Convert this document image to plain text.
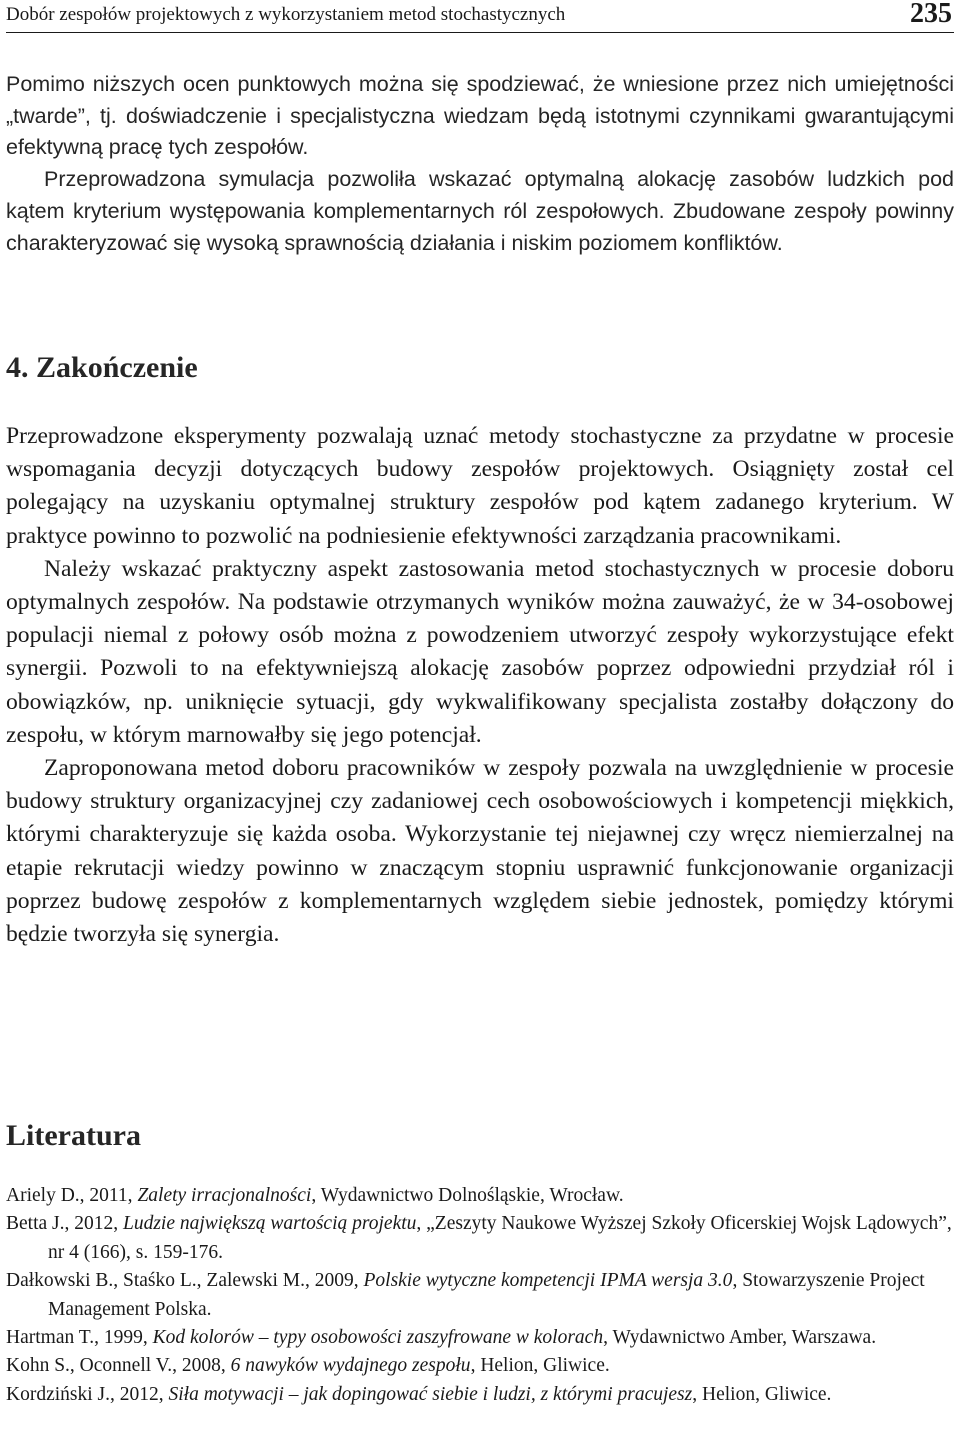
Dobór zespołów projektowych z wykorzystaniem metod stochastycznych	235

Pomimo niższych ocen punktowych można się spodziewać, że wniesione przez nich umiejętności „twarde”, tj. doświadczenie i specjalistyczna wiedzam będą istotnymi czynnikami gwarantującymi efektywną pracę tych zespołów.

Przeprowadzona symulacja pozwoliła wskazać optymalną alokację zasobów ludzkich pod kątem kryterium występowania komplementarnych ról zespołowych. Zbudowane zespoły powinny charakteryzować się wysoką sprawnością działania i niskim poziomem konfliktów.

4. Zakończenie

Przeprowadzone eksperymenty pozwalają uznać metody stochastyczne za przydatne w procesie wspomagania decyzji dotyczących budowy zespołów projektowych. Osiągnięty został cel polegający na uzyskaniu optymalnej struktury zespołów pod kątem zadanego kryterium. W praktyce powinno to pozwolić na podniesienie efektywności zarządzania pracownikami.

Należy wskazać praktyczny aspekt zastosowania metod stochastycznych w procesie doboru optymalnych zespołów. Na podstawie otrzymanych wyników można zauważyć, że w 34-osobowej populacji niemal z połowy osób można z powodzeniem utworzyć zespoły wykorzystujące efekt synergii. Pozwoli to na efektywniejszą alokację zasobów poprzez odpowiedni przydział ról i obowiązków, np. uniknięcie sytuacji, gdy wykwalifikowany specjalista zostałby dołączony do zespołu, w którym marnowałby się jego potencjał.

Zaproponowana metod doboru pracowników w zespoły pozwala na uwzględnienie w procesie budowy struktury organizacyjnej czy zadaniowej cech osobowościowych i kompetencji miękkich, którymi charakteryzuje się każda osoba. Wykorzystanie tej niejawnej czy wręcz niemierzalnej na etapie rekrutacji wiedzy powinno w znaczącym stopniu usprawnić funkcjonowanie organizacji poprzez budowę zespołów z komplementarnych względem siebie jednostek, pomiędzy którymi będzie tworzyła się synergia.

Literatura
Ariely D., 2011, Zalety irracjonalności, Wydawnictwo Dolnośląskie, Wrocław.
Betta J., 2012, Ludzie największą wartością projektu, „Zeszyty Naukowe Wyższej Szkoły Oficerskiej Wojsk Lądowych”, nr 4 (166), s. 159-176.
Dałkowski B., Staśko L., Zalewski M., 2009, Polskie wytyczne kompetencji IPMA wersja 3.0, Stowarzyszenie Project Management Polska.
Hartman T., 1999, Kod kolorów – typy osobowości zaszyfrowane w kolorach, Wydawnictwo Amber, Warszawa.
Kohn S., Oconnell V., 2008, 6 nawyków wydajnego zespołu, Helion, Gliwice.
Kordziński J., 2012, Siła motywacji – jak dopingować siebie i ludzi, z którymi pracujesz, Helion, Gliwice.
